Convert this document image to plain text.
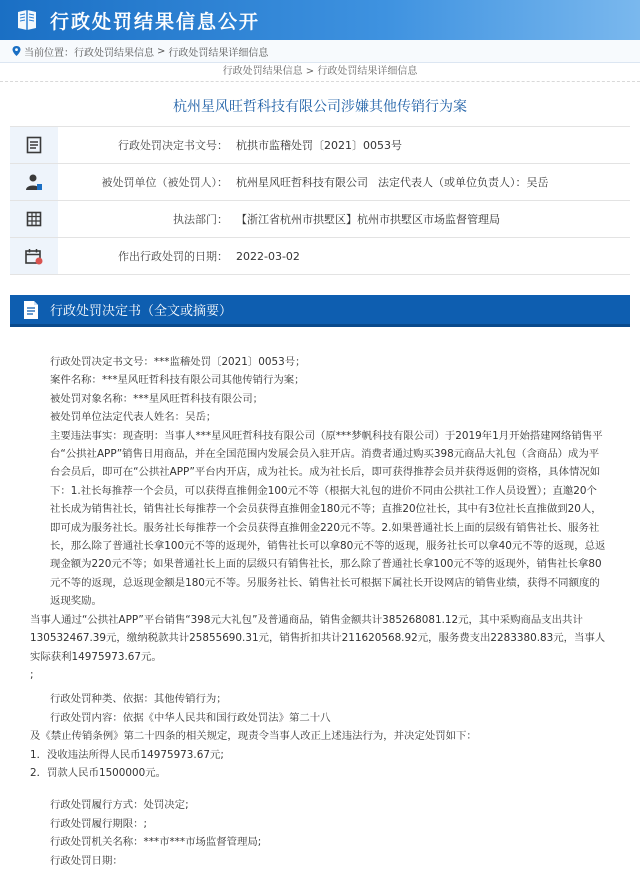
行政处罚结果信息公开
当前位置： 行政处罚结果信息 > 行政处罚结果详细信息
行政处罚结果信息 > 行政处罚结果详细信息
杭州星风旺哲科技有限公司涉嫌其他传销行为案
行政处罚决定书文号： 杭拱市监稽处罚〔2021〕0053号
被处罚单位（被处罚人）： 杭州星风旺哲科技有限公司 法定代表人（或单位负责人）：吴岳
执法部门： 【浙江省杭州市拱墅区】杭州市拱墅区市场监督管理局
作出行政处罚的日期： 2022-03-02
行政处罚决定书（全文或摘要）

行政处罚决定书文号：***监稽处罚〔2021〕0053号；

案件名称：***星风旺哲科技有限公司其他传销行为案；

被处罚对象名称：***星风旺哲科技有限公司；

被处罚单位法定代表人姓名：吴岳；

主要违法事实：现查明：当事人***星风旺哲科技有限公司（原***梦帆科技有限公司）于2019年1月开始搭建网络销售平台“公拱社APP”销售日用商品，并在全国范围内发展会员入驻开店。消费者通过购买398元商品大礼包（含商品）成为平台会员后，即可在“公拱社APP”平台内开店，成为社长。成为社长后，即可获得推荐会员并获得返佣的资格，具体情况如下：1.社长每推荐一个会员，可以获得直推佣金100元不等（根据大礼包的进价不同由公拱社工作人员设置）；直邀20个社长成为销售社长，销售社长每推荐一个会员获得直推佣金180元不等；直推20位社长，其中有3位社长直推做到20人，即可成为服务社长。服务社长每推荐一个会员获得直推佣金220元不等。2.如果普通社长上面的层级有销售社长、服务社长，那么除了普通社长拿100元不等的返现外，销售社长可以拿80元不等的返现，服务社长可以拿40元不等的返现，总返现金额为220元不等；如果普通社长上面的层级只有销售社长，那么除了普通社长拿100元不等的返现外，销售社长拿80元不等的返现，总返现金额是180元不等。另服务社长、销售社长可根据下属社长开设网店的销售业绩，获得不同额度的返现奖励。

当事人通过“公拱社APP”平台销售“398元大礼包”及普通商品，销售金额共计385268081.12元，其中采购商品支出共计130532467.39元，缴纳税款共计25855690.31元，销售折扣共计211620568.92元，服务费支出2283380.83元，当事人实际获利14975973.67元。

;

行政处罚种类、依据：其他传销行为；

行政处罚内容：依据《中华人民共和国行政处罚法》第二十八

及《禁止传销条例》第二十四条的相关规定，现责令当事人改正上述违法行为，并决定处罚如下：

1．没收违法所得人民币14975973.67元;

2．罚款人民币1500000元。

行政处罚履行方式：处罚决定;

行政处罚履行期限：;

行政处罚机关名称：***市***市场监督管理局;

行政处罚日期：
